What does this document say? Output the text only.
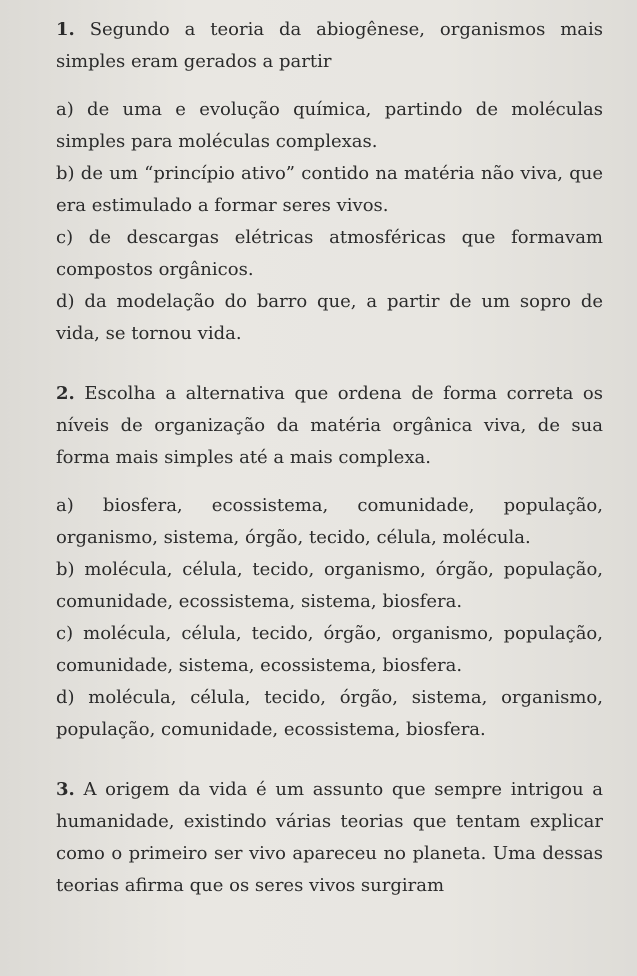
1. Segundo a teoria da abiogênese, organismos mais simples eram gerados a partir

a) de uma e evolução química, partindo de moléculas simples para moléculas complexas.

b) de um “princípio ativo” contido na matéria não viva, que era estimulado a formar seres vivos.

c) de descargas elétricas atmosféricas que formavam compostos orgânicos.

d) da modelação do barro que, a partir de um sopro de vida, se tornou vida.

2. Escolha a alternativa que ordena de forma correta os níveis de organização da matéria orgânica viva, de sua forma mais simples até a mais complexa.

a) biosfera, ecossistema, comunidade, população, organismo, sistema, órgão, tecido, célula, molécula.

b) molécula, célula, tecido, organismo, órgão, população, comunidade, ecossistema, sistema, biosfera.

c) molécula, célula, tecido, órgão, organismo, população, comunidade, sistema, ecossistema, biosfera.

d) molécula, célula, tecido, órgão, sistema, organismo, população, comunidade, ecossistema, biosfera.

3. A origem da vida é um assunto que sempre intrigou a humanidade, existindo várias teorias que tentam explicar como o primeiro ser vivo apareceu no planeta. Uma dessas teorias afirma que os seres vivos surgiram
